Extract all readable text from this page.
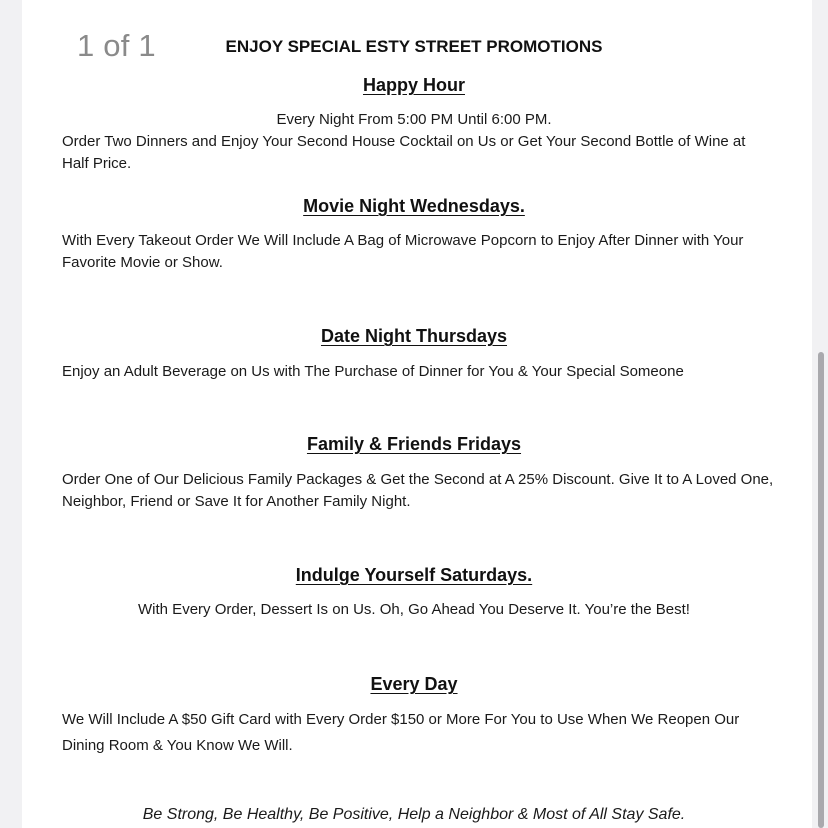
1 of 1	ENJOY SPECIAL ESTY STREET PROMOTIONS
Happy Hour
Every Night From 5:00 PM Until 6:00 PM.
Order Two Dinners and Enjoy Your Second House Cocktail on Us or Get Your Second Bottle of Wine at Half Price.
Movie Night Wednesdays.
With Every Takeout Order We Will Include A Bag of Microwave Popcorn to Enjoy After Dinner with Your Favorite Movie or Show.
Date Night Thursdays
Enjoy an Adult Beverage on Us with The Purchase of Dinner for You & Your Special Someone
Family & Friends Fridays
Order One of Our Delicious Family Packages & Get the Second at A 25% Discount. Give It to A Loved One, Neighbor, Friend or Save It for Another Family Night.
Indulge Yourself Saturdays.
With Every Order, Dessert Is on Us. Oh, Go Ahead You Deserve It. You’re the Best!
Every Day
We Will Include A $50 Gift Card with Every Order $150 or More For You to Use When We Reopen Our Dining Room & You Know We Will.
Be Strong, Be Healthy, Be Positive, Help a Neighbor & Most of All Stay Safe.
